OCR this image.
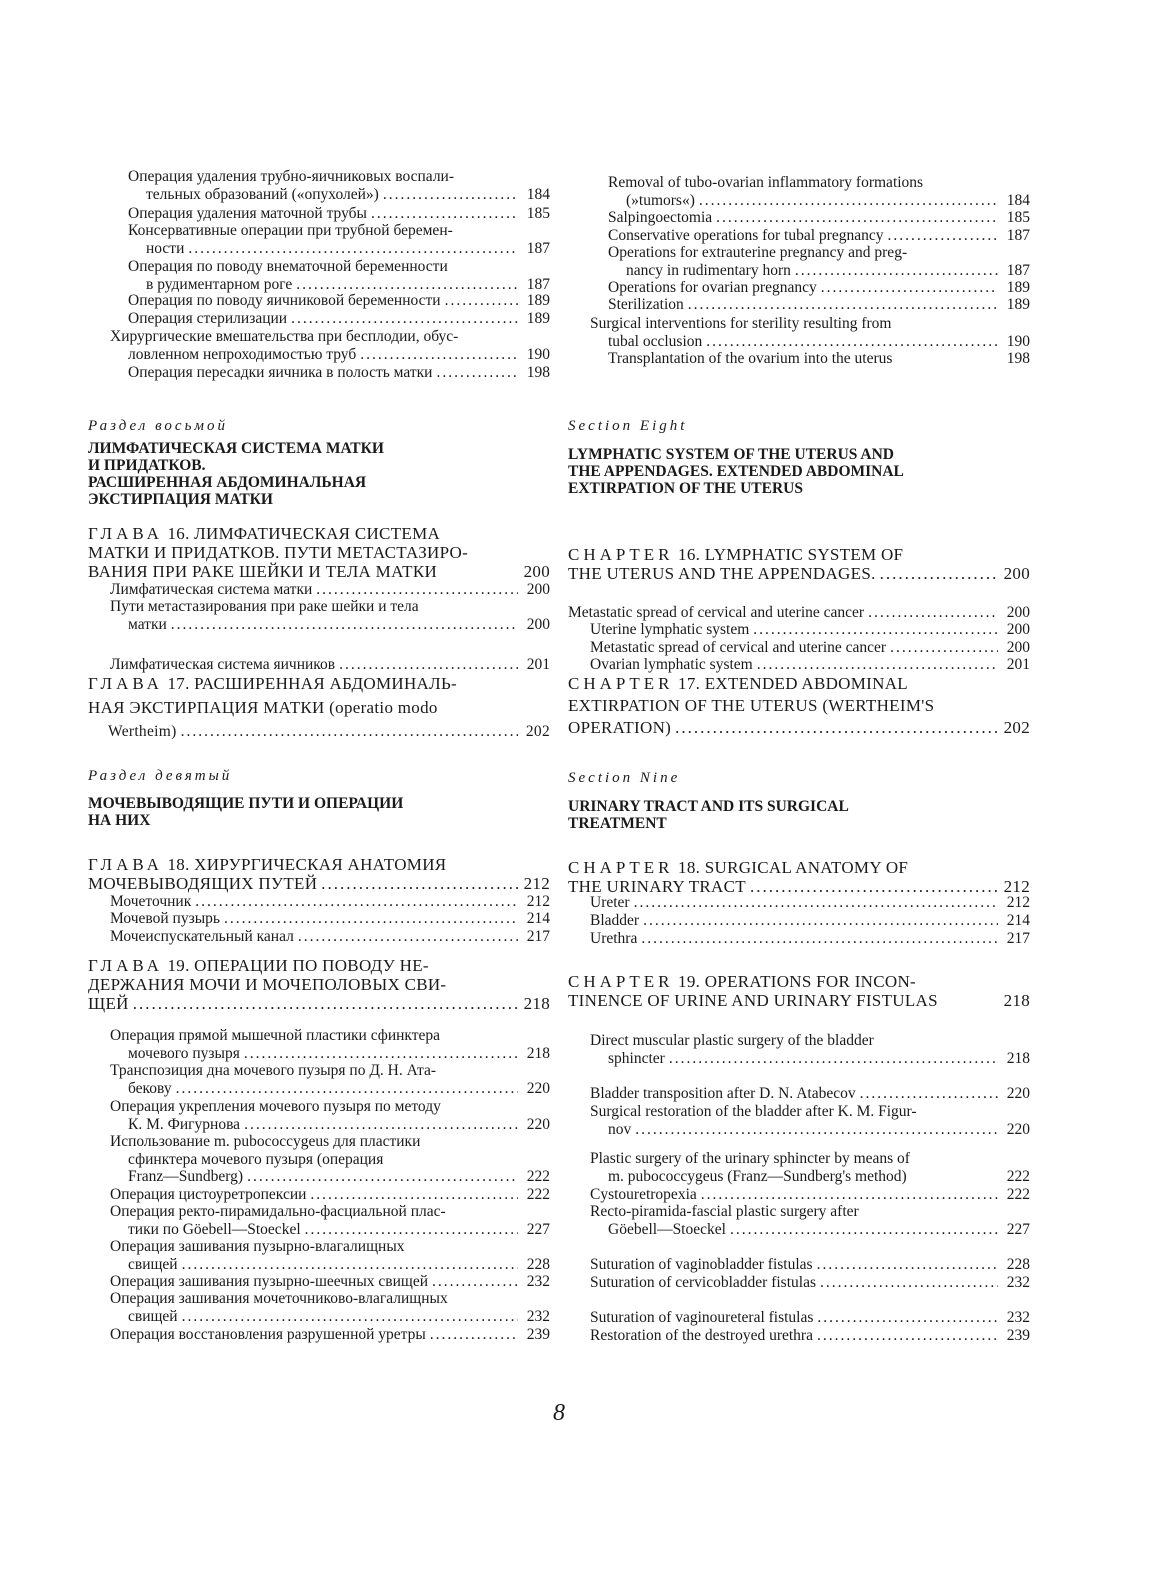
Операция удаления трубно-яичниковых воспали-
тельных образований («опухолей») .....	184
Операция удаления маточной трубы .....	185
Консервативные операции при трубной беремен-
ности .....	187
Операция по поводу внематочной беременности
в рудиментарном роге .....	187
Операция по поводу яичниковой беременности .....	189
Операция стерилизации .....	189
Хирургические вмешательства при бесплодии, обус-
ловленном непроходимостью труб .....	190
Операция пересадки яичника в полость матки .....	198

Раздел восьмой

ЛИМФАТИЧЕСКАЯ СИСТЕМА МАТКИ
И ПРИДАТКОВ.
РАСШИРЕННАЯ АБДОМИНАЛЬНАЯ
ЭКСТИРПАЦИЯ МАТКИ
ГЛАВА 16. ЛИМФАТИЧЕСКАЯ СИСТЕМА
МАТКИ И ПРИДАТКОВ. ПУТИ МЕТАСТАЗИРО-
ВАНИЯ ПРИ РАКЕ ШЕЙКИ И ТЕЛА МАТКИ	200
Лимфатическая система матки .....	200
Пути метастазирования при раке шейки и тела
матки .....	200
Лимфатическая система яичников .....	201
ГЛАВА 17. РАСШИРЕННАЯ АБДОМИНАЛЬ-
НАЯ ЭКСТИРПАЦИЯ МАТКИ (operatio modo
Wertheim) .....	202

Раздел девятый

МОЧЕВЫВОДЯЩИЕ ПУТИ И ОПЕРАЦИИ
НА НИХ
ГЛАВА 18. ХИРУРГИЧЕСКАЯ АНАТОМИЯ
МОЧЕВЫВОДЯЩИХ ПУТЕЙ .....	212
Мочеточник .....	212
Мочевой пузырь .....	214
Мочеиспускательный канал .....	217
ГЛАВА 19. ОПЕРАЦИИ ПО ПОВОДУ НЕ-
ДЕРЖАНИЯ МОЧИ И МОЧЕПОЛОВЫХ СВИ-
ЩЕЙ .....	218
Операция прямой мышечной пластики сфинктера
мочевого пузыря .....	218
Транспозиция дна мочевого пузыря по Д. Н. Ата-
бекову .....	220
Операция укрепления мочевого пузыря по методу
К. М. Фигурнова .....	220
Использование m. pubococcygeus для пластики
сфинктера мочевого пузыря (операция
Franz—Sundberg) .....	222
Операция цистоуретропексии .....	222
Операция ректо-пирамидально-фасциальной плас-
тики по Göebell—Stoeckel .....	227
Операция зашивания пузырно-влагалищных
свищей .....	228
Операция зашивания пузырно-шеечных свищей .....	232
Операция зашивания мочеточниково-влагалищных
свищей .....	232
Операция восстановления разрушенной уретры .....	239
Removal of tubo-ovarian inflammatory formations
(»tumors«) .....	184
Salpingoectomia .....	185
Conservative operations for tubal pregnancy .....	187
Operations for extrauterine pregnancy and preg-
nancy in rudimentary horn .....	187
Operations for ovarian pregnancy .....	189
Sterilization .....	189
Surgical interventions for sterility resulting from
tubal occlusion .....	190
Transplantation of the ovarium into the uterus	198

Section Eight

LYMPHATIC SYSTEM OF THE UTERUS AND
THE APPENDAGES. EXTENDED ABDOMINAL
EXTIRPATION OF THE UTERUS
CHAPTER 16. LYMPHATIC SYSTEM OF
THE UTERUS AND THE APPENDAGES. .....	200
Metastatic spread of cervical and uterine cancer .....	200
Uterine lymphatic system .....	200
Metastatic spread of cervical and uterine cancer .....	200
Ovarian lymphatic system .....	201
CHAPTER 17. EXTENDED ABDOMINAL
EXTIRPATION OF THE UTERUS (WERTHEIM'S
OPERATION) .....	202

Section Nine

URINARY TRACT AND ITS SURGICAL
TREATMENT
CHAPTER 18. SURGICAL ANATOMY OF
THE URINARY TRACT .....	212
Ureter .....	212
Bladder .....	214
Urethra .....	217
CHAPTER 19. OPERATIONS FOR INCON-
TINENCE OF URINE AND URINARY FISTULAS	218
Direct muscular plastic surgery of the bladder
sphincter .....	218
Bladder transposition after D. N. Atabecov .....	220
Surgical restoration of the bladder after K. M. Figur-
nov .....	220
Plastic surgery of the urinary sphincter by means of
m. pubococcygeus (Franz—Sundberg's method)	222
Cystouretropexia .....	222
Recto-piramida-fascial plastic surgery after
Göebell—Stoeckel .....	227
Suturation of vaginobladder fistulas .....	228
Suturation of cervicobladder fistulas .....	232
Suturation of vaginoureteral fistulas .....	232
Restoration of the destroyed urethra .....	239
8
